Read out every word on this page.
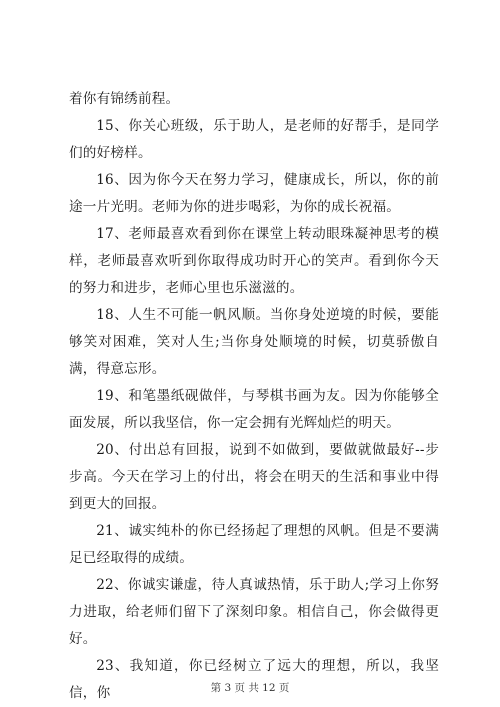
着你有锦绣前程。

15、你关心班级，乐于助人，是老师的好帮手，是同学们的好榜样。

16、因为你今天在努力学习，健康成长，所以，你的前途一片光明。老师为你的进步喝彩，为你的成长祝福。

17、老师最喜欢看到你在课堂上转动眼珠凝神思考的模样，老师最喜欢听到你取得成功时开心的笑声。看到你今天的努力和进步，老师心里也乐滋滋的。

18、人生不可能一帆风顺。当你身处逆境的时候，要能够笑对困难，笑对人生;当你身处顺境的时候，切莫骄傲自满，得意忘形。

19、和笔墨纸砚做伴，与琴棋书画为友。因为你能够全面发展，所以我坚信，你一定会拥有光辉灿烂的明天。

20、付出总有回报，说到不如做到，要做就做最好--步步高。今天在学习上的付出，将会在明天的生活和事业中得到更大的回报。

21、诚实纯朴的你已经扬起了理想的风帆。但是不要满足已经取得的成绩。

22、你诚实谦虚，待人真诚热情，乐于助人;学习上你努力进取，给老师们留下了深刻印象。相信自己，你会做得更好。

23、我知道，你已经树立了远大的理想，所以，我坚信，你	第 3 页 共 12 页
